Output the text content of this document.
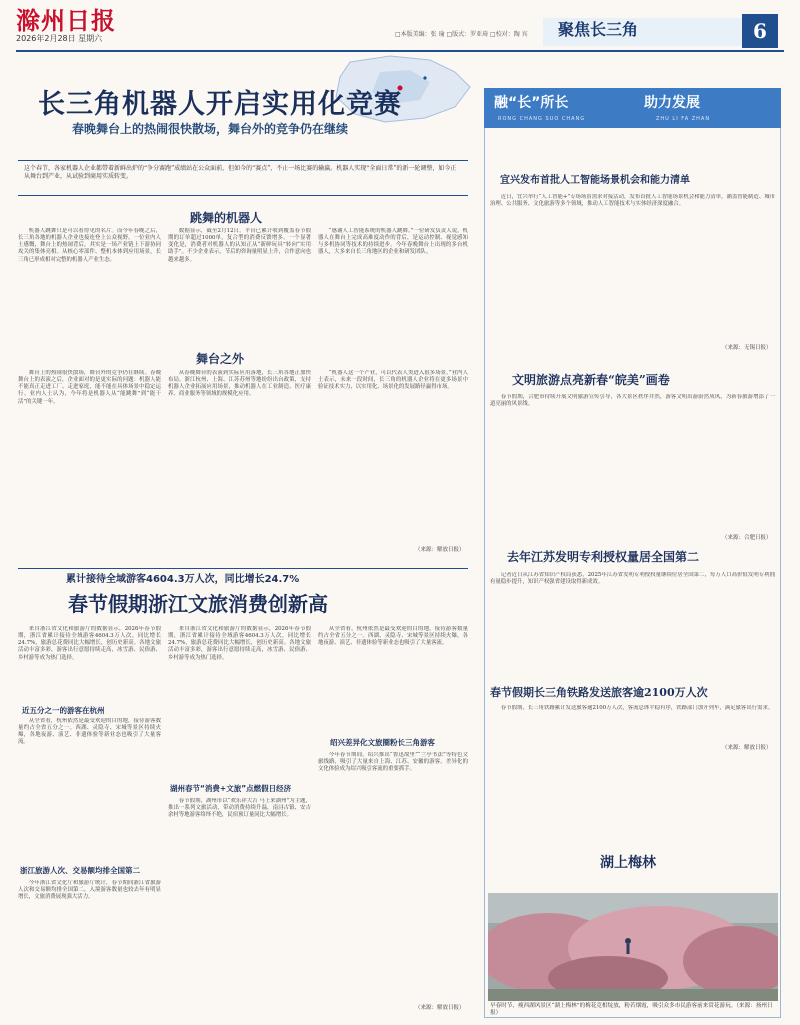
滁州日报
2026年2月28日 星期六	□本版美编：张 瑜 □版式：罗亚琦 □校对：陶 宾 聚焦长三角	6
长三角机器人开启实用化竞赛
春晚舞台上的热闹很快散场，舞台外的竞争仍在继续
这个春节，各家机器人企业都带着新鲜出炉的“争分赛跑”成绩站在公众面前，但如今的“赛点”，不止一场比赛的输赢。机器人实现“全面日常”的新一轮调整，如今正从舞台到产业，从试验到商用实质转变。
跳舞的机器人

机器人跳舞只是可以看得见的名片。而今年春晚之后，长三角各地的机器人企业也接连登上公众视野。一位业内人士感慨，舞台上的热闹背后，其实是一场产业链上下游协同攻关的集体亮相。从核心零部件、整机本体到应用场景，长三角已形成相对完整的机器人产业生态。

数据显示，截至2月12日，平台已累计收到覆盖春节假期的订单超过1000单，复合型的消费反馈增多。一个显著变化是，消费者对机器人的认知正从“新鲜玩具”转向“实用助手”。不少企业表示，节后的咨询量明显上升，合作意向也越来越多。

“感谢人工智能系统的机器人跳舞。”一位研发负责人说，机器人在舞台上完成高难度动作的背后，是运动控制、视觉感知与多机协同等技术的持续进步。今年春晚舞台上出现的多台机器人，大多来自长三角地区的企业和研发团队。

舞台之外

舞台上的热闹很快散场，舞台外的竞争仍在继续。春晚舞台上的表演之后，企业面对的是更实际的问题：机器人能不能真正走进工厂、走进家庭，能不能在具体场景中稳定运行。业内人士认为，今年将是机器人从“能跳舞”到“能干活”的关键一年。

从春晚舞台的表演到实际应用落地，长三角各地正加快布局。浙江杭州、上海、江苏苏州等地纷纷出台政策，支持机器人企业拓展应用场景，推动机器人在工业制造、医疗康养、商业服务等领域的规模化应用。

“机器人这一个产业，可以代表人类进入很多场景。”业内人士表示，未来一段时间，长三角的机器人企业将在更多场景中验证技术实力，以实用化、场景化的发展路径赢得市场。

（来源：解放日报）
累计接待全域游客4604.3万人次，同比增长24.7%
春节假期浙江文旅消费创新高

来自浙江省文化和旅游厅的数据显示，2026年春节假期，浙江省累计接待全域游客4604.3万人次，同比增长24.7%，旅游总花费同比大幅增长，创历史新高。各地文旅活动丰富多彩，游客出行意愿持续走高，冰雪游、民俗游、乡村游等成为热门选择。

近五分之一的游客在杭州

从全省看，杭州依然是最受欢迎的目的地，接待游客数量约占全省五分之一。西湖、灵隐寺、宋城等景区持续火爆，各地夜游、演艺、非遗体验等新业态也吸引了大量客流。

浙江旅游人次、交易额均排全国第二

今年浙江省文化厅和旅游厅统计，春节期间浙江省旅游人次和交易额均排全国第二，入境游客数量也较去年有明显增长，文旅消费展现强大活力。

来自浙江省文化和旅游厅的数据显示，2026年春节假期，浙江省累计接待全域游客4604.3万人次，同比增长24.7%，旅游总花费同比大幅增长，创历史新高。各地文旅活动丰富多彩，游客出行意愿持续走高，冰雪游、民俗游、乡村游等成为热门选择。

湖州春节“消费+文旅”点燃假日经济

春节假期，湖州市以“欢乐祥大吉 马上来湖州”为主题，推出一系列文旅活动，带动消费持续升温。南浔古镇、安吉余村等地游客络绎不绝，民宿预订量同比大幅增长。

从全省看，杭州依然是最受欢迎的目的地，接待游客数量约占全省五分之一。西湖、灵隐寺、宋城等景区持续火爆，各地夜游、演艺、非遗体验等新业态也吸引了大量客流。

绍兴差异化文旅圈粉长三角游客

今年春节期间，绍兴推出“鲁迅故里”“兰亭书法”等特色文旅线路，吸引了大量来自上海、江苏、安徽的游客。差异化的文化体验成为绍兴吸引客流的重要抓手。

（来源：解放日报）
融“长”所长	助力发展
RONG CHANG SUO CHANG	ZHU LI FA ZHAN
宜兴发布首批人工智能场景机会和能力清单

近日，宜兴举行“人工智能+”专场场景需求对接活动，发布首批人工智能场景机会和能力清单，涵盖智能制造、城市治理、公共服务、文化旅游等多个领域，推动人工智能技术与实体经济深度融合。

（来源：无锡日报）
文明旅游点亮新春“皖美”画卷

春节假期，合肥市持续开展文明旅游宣传引导，各大景区秩序井然，游客文明出游蔚然成风，为新春旅游增添了一道亮丽的风景线。

（来源：合肥日报）
去年江苏发明专利授权量居全国第二

记者近日从江苏省知识产权局获悉，2025年江苏省发明专利授权量继续位居全国第二，每万人口高价值发明专利拥有量稳步提升，知识产权强省建设取得新成效。

春节假期长三角铁路发送旅客逾2100万人次

春节假期，长三角铁路累计发送旅客逾2100万人次，客流总体平稳有序，铁路部门加开列车，满足旅客出行需求。

（来源：解放日报）
湖上梅林
早春时节，瘦西湖风景区“湖上梅林”的梅花竞相绽放，粉若烟霞，吸引众多市民游客前来赏花游玩。（来源：扬州日报）
